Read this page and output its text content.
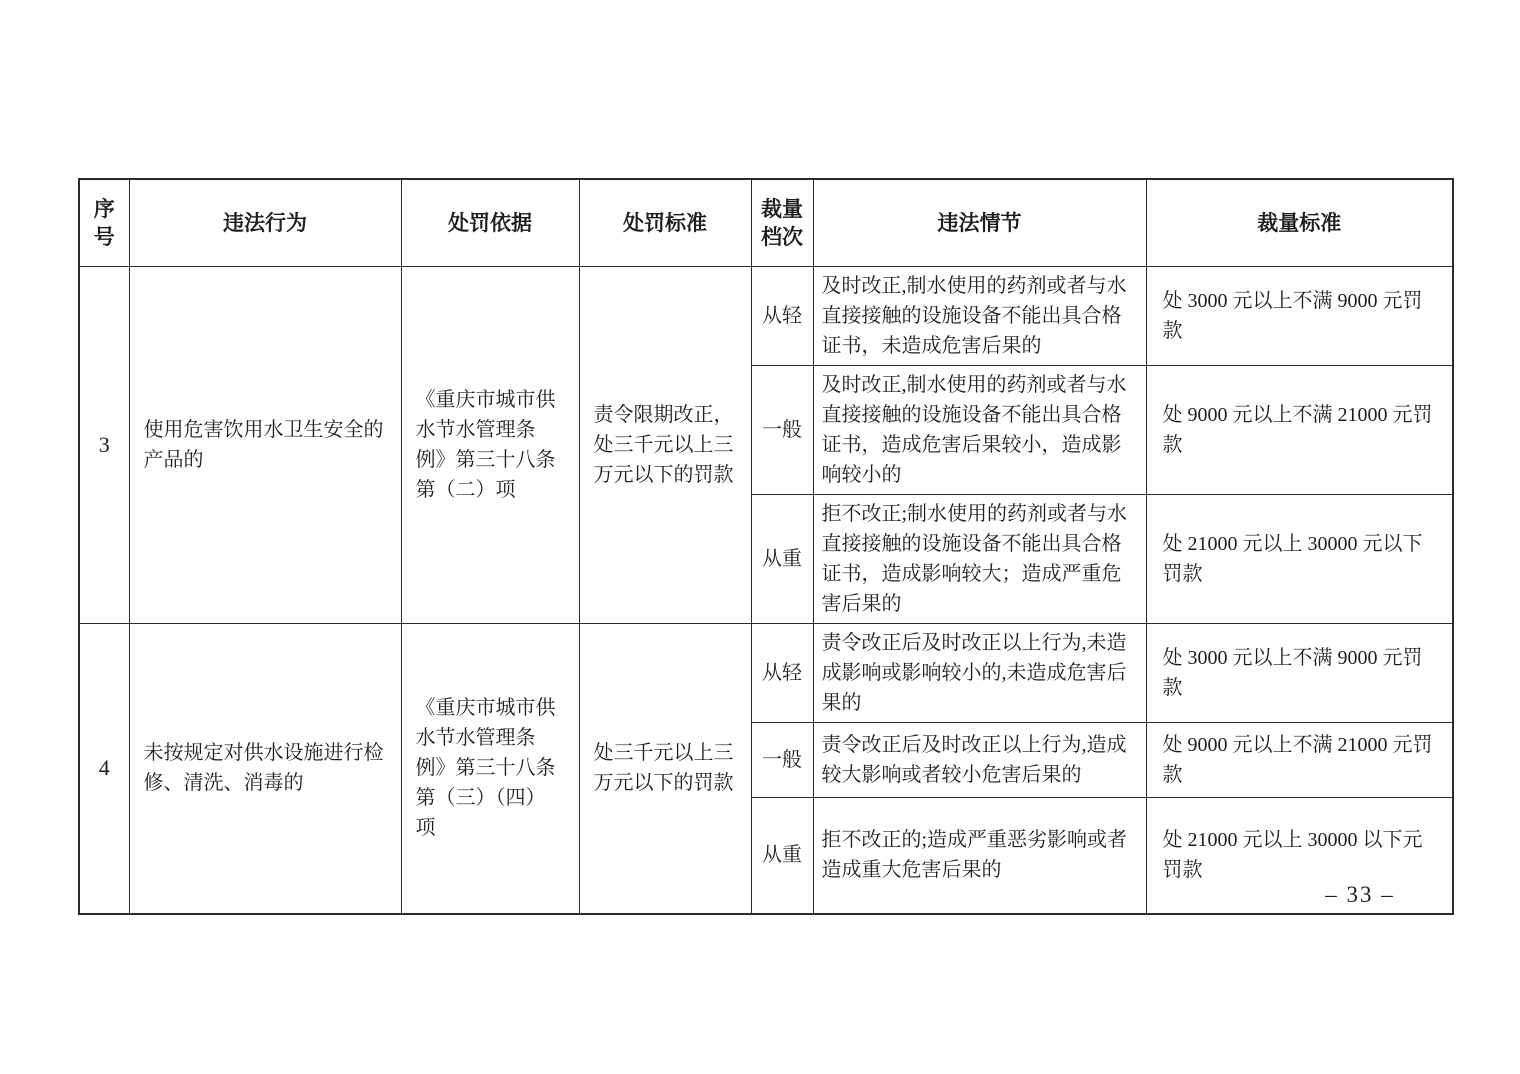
序号	违法行为	处罚依据	处罚标准	裁量档次	违法情节	裁量标准
3	使用危害饮用水卫生安全的产品的	《重庆市城市供水节水管理条例》第三十八条第（二）项	责令限期改正，处三千元以上三万元以下的罚款	从轻	及时改正,制水使用的药剂或者与水直接接触的设施设备不能出具合格证书，未造成危害后果的	处 3000 元以上不满 9000 元罚款
				一般	及时改正,制水使用的药剂或者与水直接接触的设施设备不能出具合格证书，造成危害后果较小，造成影响较小的	处 9000 元以上不满 21000 元罚款
				从重	拒不改正;制水使用的药剂或者与水直接接触的设施设备不能出具合格证书，造成影响较大；造成严重危害后果的	处 21000 元以上 30000 元以下罚款
4	未按规定对供水设施进行检修、清洗、消毒的	《重庆市城市供水节水管理条例》第三十八条第（三）（四）项	处三千元以上三万元以下的罚款	从轻	责令改正后及时改正以上行为,未造成影响或影响较小的,未造成危害后果的	处 3000 元以上不满 9000 元罚款
				一般	责令改正后及时改正以上行为,造成较大影响或者较小危害后果的	处 9000 元以上不满 21000 元罚款
				从重	拒不改正的;造成严重恶劣影响或者造成重大危害后果的	处 21000 元以上 30000 以下元罚款
– 33 –
